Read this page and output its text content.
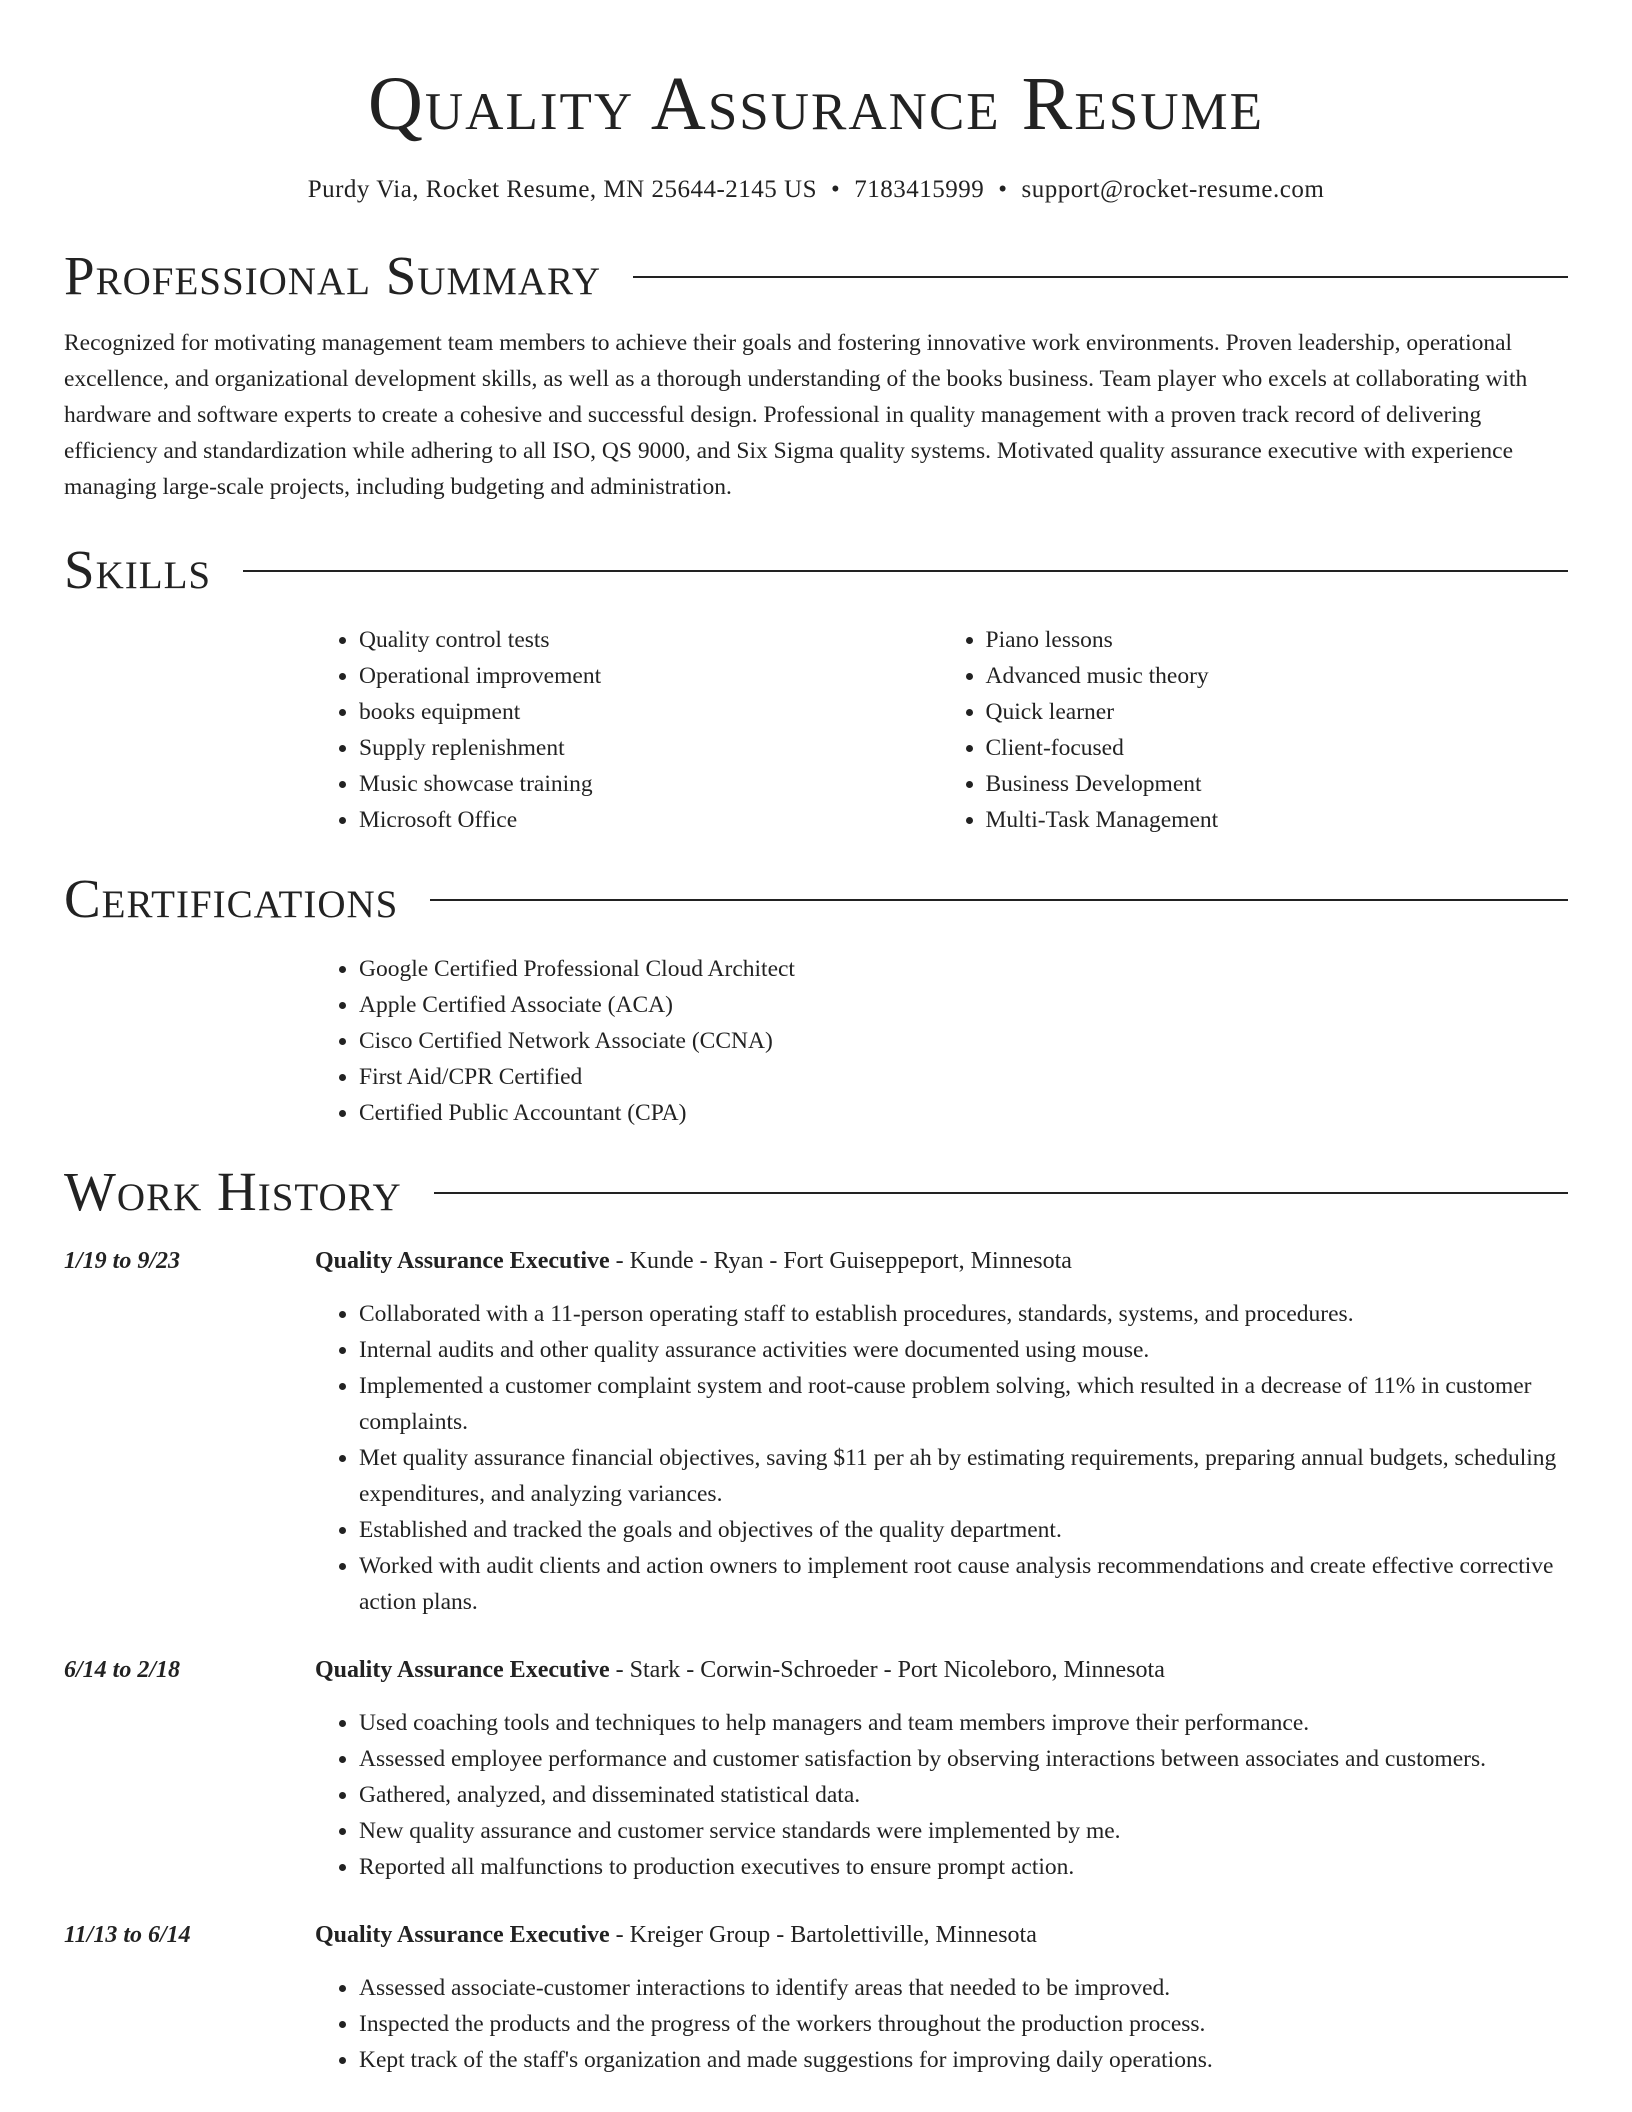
Quality Assurance Resume
Purdy Via, Rocket Resume, MN 25644-2145 US • 7183415999 • support@rocket-resume.com
Professional Summary

Recognized for motivating management team members to achieve their goals and fostering innovative work environments. Proven leadership, operational excellence, and organizational development skills, as well as a thorough understanding of the books business. Team player who excels at collaborating with hardware and software experts to create a cohesive and successful design. Professional in quality management with a proven track record of delivering efficiency and standardization while adhering to all ISO, QS 9000, and Six Sigma quality systems. Motivated quality assurance executive with experience managing large-scale projects, including budgeting and administration.

Skills
• Quality control tests
• Operational improvement
• books equipment
• Supply replenishment
• Music showcase training
• Microsoft Office
• Piano lessons
• Advanced music theory
• Quick learner
• Client-focused
• Business Development
• Multi-Task Management
Certifications
• Google Certified Professional Cloud Architect
• Apple Certified Associate (ACA)
• Cisco Certified Network Associate (CCNA)
• First Aid/CPR Certified
• Certified Public Accountant (CPA)
Work History
1/19 to 9/23	Quality Assurance Executive - Kunde - Ryan - Fort Guiseppeport, Minnesota
• Collaborated with a 11-person operating staff to establish procedures, standards, systems, and procedures.
• Internal audits and other quality assurance activities were documented using mouse.
• Implemented a customer complaint system and root-cause problem solving, which resulted in a decrease of 11% in customer complaints.
• Met quality assurance financial objectives, saving $11 per ah by estimating requirements, preparing annual budgets, scheduling expenditures, and analyzing variances.
• Established and tracked the goals and objectives of the quality department.
• Worked with audit clients and action owners to implement root cause analysis recommendations and create effective corrective action plans.
6/14 to 2/18	Quality Assurance Executive - Stark - Corwin-Schroeder - Port Nicoleboro, Minnesota
• Used coaching tools and techniques to help managers and team members improve their performance.
• Assessed employee performance and customer satisfaction by observing interactions between associates and customers.
• Gathered, analyzed, and disseminated statistical data.
• New quality assurance and customer service standards were implemented by me.
• Reported all malfunctions to production executives to ensure prompt action.
11/13 to 6/14	Quality Assurance Executive - Kreiger Group - Bartolettiville, Minnesota
• Assessed associate-customer interactions to identify areas that needed to be improved.
• Inspected the products and the progress of the workers throughout the production process.
• Kept track of the staff's organization and made suggestions for improving daily operations.
